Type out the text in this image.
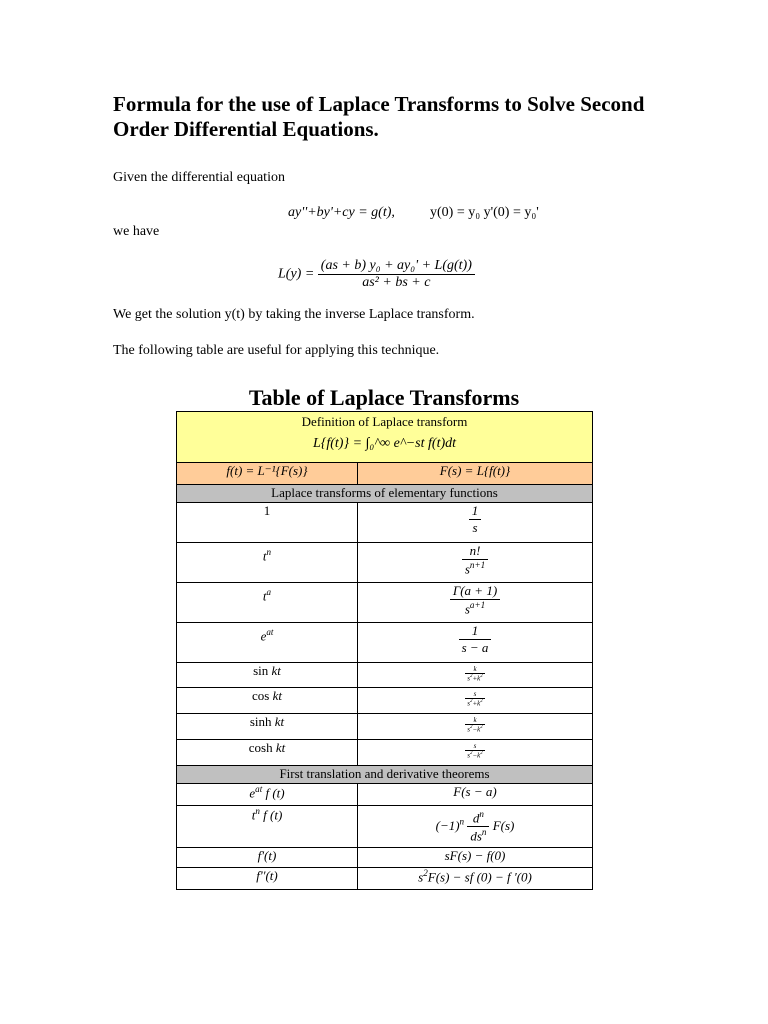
Formula for the use of Laplace Transforms to Solve Second Order Differential Equations.
Given the differential equation
ay''+by'+cy = g(t),	y(0) = y₀ y'(0) = y₀'
we have
$L(y) = \frac{\text{(as + b) y₀ + ay₀' + L(g(t))}}{\text{as² + bs + c}}$
We get the solution y(t) by taking the inverse Laplace transform.
The following table are useful for applying this technique.
Table of Laplace Transforms
Definition of Laplace transform
L{f(t)} = ∫₀^∞ e^−st f(t)dt	

f(t) = L⁻¹{F(s)}	F(s) = L{f(t)}
Laplace transforms of elementary functions	
1	$\frac{1}{s}$

$t^n$	$\frac{n!}{s^{n+1}}$

$t^a$	$\frac{\Gamma(a + 1)}{s^{a+1}}$

$e^{at}$	$\frac{1}{s - a}$

sin kt	$\frac{k}{s^2+k^2}$

cos kt	$\frac{s}{s^2+k^2}$

sinh kt	$\frac{k}{s^2-k^2}$

cosh kt	$\frac{s}{s^2-k^2}$

First translation and derivative theorems	
$e^{at}$ f (t)	F(s − a)
$t^n$ f (t)	$(-1)^n \frac{d^n}{ds^n} F(s)$
f'(t)	sF(s) − f(0)
f''(t)	$s^2F(s)$ − sf (0) − f '(0)
